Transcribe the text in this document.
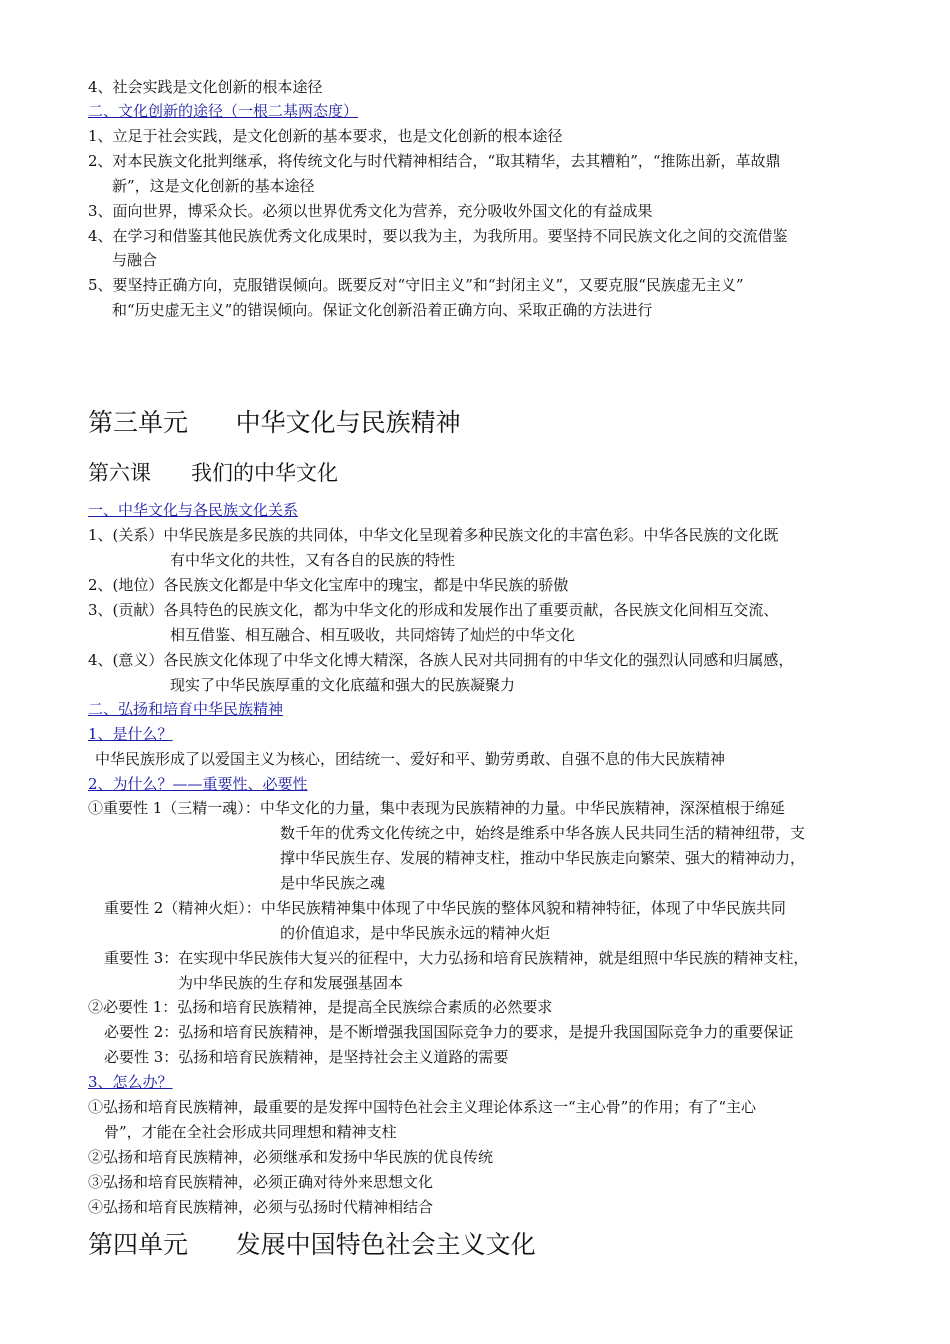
4、社会实践是文化创新的根本途径
二、文化创新的途径（一根二基两态度）
1、立足于社会实践，是文化创新的基本要求，也是文化创新的根本途径
2、对本民族文化批判继承，将传统文化与时代精神相结合，“取其精华，去其糟粕”，“推陈出新，革故鼎
新”，这是文化创新的基本途径
3、面向世界，博采众长。必须以世界优秀文化为营养，充分吸收外国文化的有益成果
4、在学习和借鉴其他民族优秀文化成果时，要以我为主，为我所用。要坚持不同民族文化之间的交流借鉴
与融合
5、要坚持正确方向，克服错误倾向。既要反对“守旧主义”和“封闭主义”，又要克服“民族虚无主义”
和“历史虚无主义”的错误倾向。保证文化创新沿着正确方向、采取正确的方法进行
第三单元      中华文化与民族精神
第六课      我们的中华文化
一、中华文化与各民族文化关系
1、(关系）中华民族是多民族的共同体，中华文化呈现着多种民族文化的丰富色彩。中华各民族的文化既
有中华文化的共性，又有各自的民族的特性
2、(地位）各民族文化都是中华文化宝库中的瑰宝，都是中华民族的骄傲
3、(贡献）各具特色的民族文化，都为中华文化的形成和发展作出了重要贡献，各民族文化间相互交流、
相互借鉴、相互融合、相互吸收，共同熔铸了灿烂的中华文化
4、(意义）各民族文化体现了中华文化博大精深，各族人民对共同拥有的中华文化的强烈认同感和归属感，
现实了中华民族厚重的文化底蕴和强大的民族凝聚力
二、弘扬和培育中华民族精神
1、是什么？
中华民族形成了以爱国主义为核心，团结统一、爱好和平、勤劳勇敢、自强不息的伟大民族精神
2、为什么？——重要性、必要性
①重要性 1（三精一魂）：中华文化的力量，集中表现为民族精神的力量。中华民族精神，深深植根于绵延
数千年的优秀文化传统之中，始终是维系中华各族人民共同生活的精神纽带，支
撑中华民族生存、发展的精神支柱，推动中华民族走向繁荣、强大的精神动力，
是中华民族之魂
重要性 2（精神火炬）：中华民族精神集中体现了中华民族的整体风貌和精神特征，体现了中华民族共同
的价值追求，是中华民族永远的精神火炬
重要性 3：在实现中华民族伟大复兴的征程中，大力弘扬和培育民族精神，就是组照中华民族的精神支柱，
为中华民族的生存和发展强基固本
②必要性 1：弘扬和培育民族精神，是提高全民族综合素质的必然要求
必要性 2：弘扬和培育民族精神，是不断增强我国国际竞争力的要求，是提升我国国际竞争力的重要保证
必要性 3：弘扬和培育民族精神，是坚持社会主义道路的需要
3、怎么办？
①弘扬和培育民族精神，最重要的是发挥中国特色社会主义理论体系这一“主心骨”的作用；有了“主心
骨”，才能在全社会形成共同理想和精神支柱
②弘扬和培育民族精神，必须继承和发扬中华民族的优良传统
③弘扬和培育民族精神，必须正确对待外来思想文化
④弘扬和培育民族精神，必须与弘扬时代精神相结合
第四单元      发展中国特色社会主义文化
